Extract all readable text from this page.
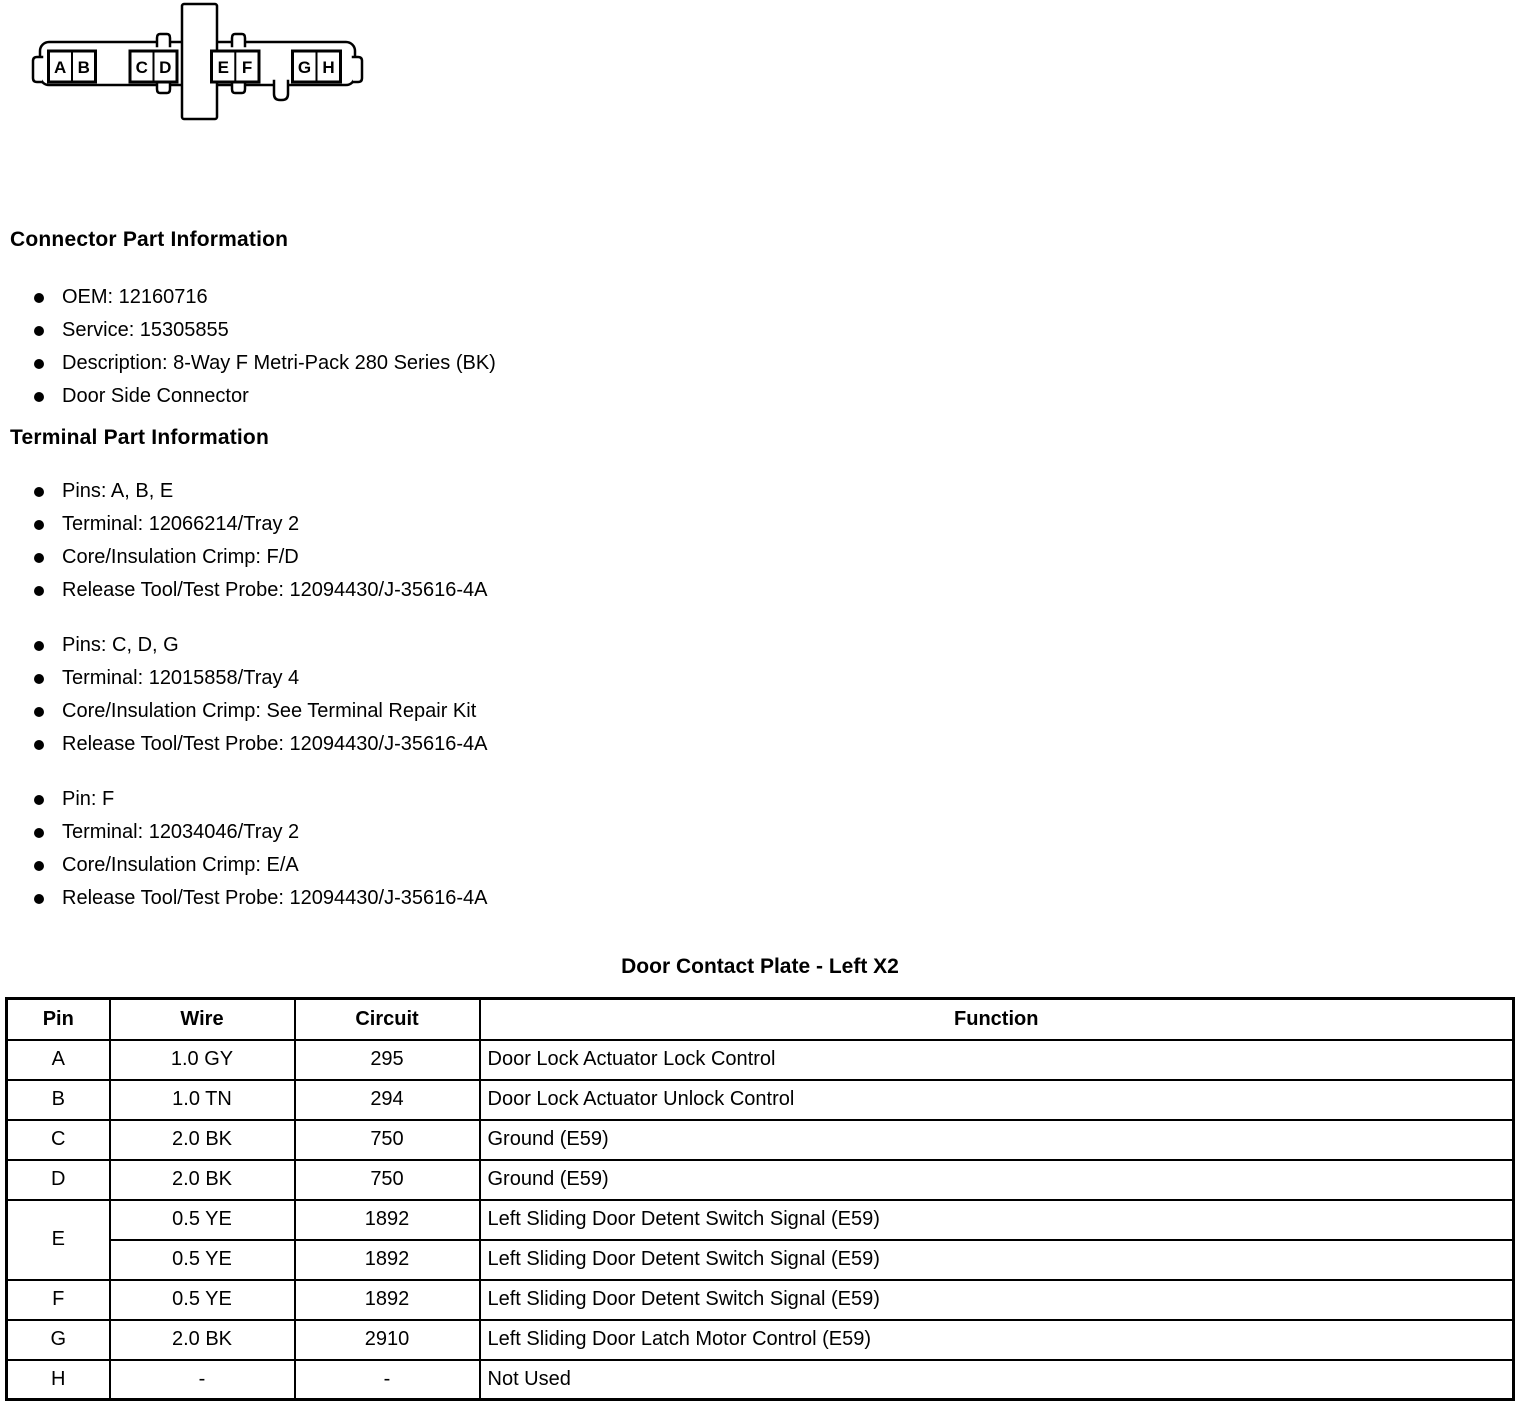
A B	C D	E F	G H
Connector Part Information
OEM: 12160716
Service: 15305855
Description: 8-Way F Metri-Pack 280 Series (BK)
Door Side Connector
Terminal Part Information
Pins: A, B, E
Terminal: 12066214/Tray 2
Core/Insulation Crimp: F/D
Release Tool/Test Probe: 12094430/J-35616-4A
Pins: C, D, G
Terminal: 12015858/Tray 4
Core/Insulation Crimp: See Terminal Repair Kit
Release Tool/Test Probe: 12094430/J-35616-4A
Pin: F
Terminal: 12034046/Tray 2
Core/Insulation Crimp: E/A
Release Tool/Test Probe: 12094430/J-35616-4A
Door Contact Plate - Left X2
Pin	Wire	Circuit	Function
A	1.0 GY	295	Door Lock Actuator Lock Control
B	1.0 TN	294	Door Lock Actuator Unlock Control
C	2.0 BK	750	Ground (E59)
D	2.0 BK	750	Ground (E59)
E	0.5 YE	1892	Left Sliding Door Detent Switch Signal (E59)
	0.5 YE	1892	Left Sliding Door Detent Switch Signal (E59)
F	0.5 YE	1892	Left Sliding Door Detent Switch Signal (E59)
G	2.0 BK	2910	Left Sliding Door Latch Motor Control (E59)
H	-	-	Not Used
